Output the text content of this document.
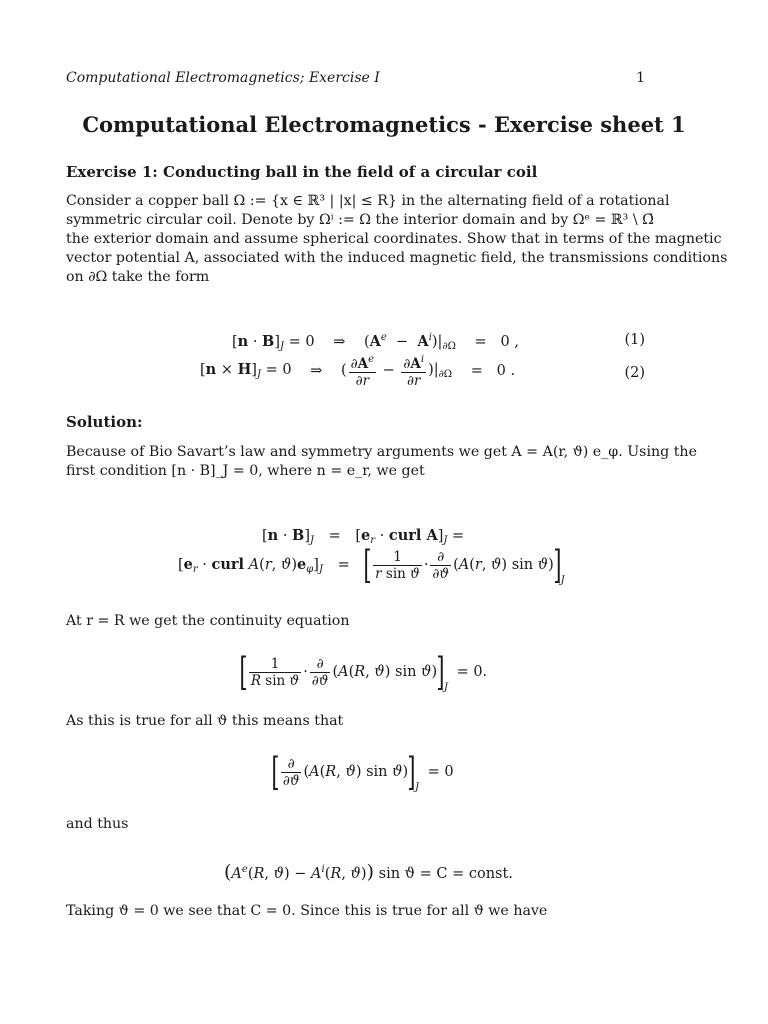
Computational Electromagnetics; Exercise I	1
Computational Electromagnetics - Exercise sheet 1
Exercise 1: Conducting ball in the field of a circular coil

Consider a copper ball Ω := {x ∈ ℝ³ | |x| ≤ R} in the alternating field of a rotational
symmetric circular coil. Denote by Ωⁱ := Ω the interior domain and by Ωᵉ = ℝ³ \ Ω̄
the exterior domain and assume spherical coordinates. Show that in terms of the magnetic
vector potential A, associated with the induced magnetic field, the transmissions conditions
on ∂Ω take the form

$[n \cdot B]_J = 0$ ⇒ $(A^e - A^i)|_{\partial\Omega} = 0$ ,	(1)
$[n \times H]_J = 0$ ⇒ ( $\frac{\partial A^e}{\partial r} - \frac{\partial A^i}{\partial r} )|_{\partial\Omega} = 0$ .	(2)
Solution:

Because of Bio Savart’s law and symmetry arguments we get A = A(r, ϑ) e_φ. Using the
first condition [n · B]_J = 0, where n = e_r, we get

$[n \cdot B]_J = [e_r$ · curl $A]_J$ =
[$e_r$ · curl A(r, $ϑ)e_\varphi]_J$ = [ $\frac{1}{\text{r sin ϑ}} \cdot \frac{\partial}{\partial ϑ} (A(r$, ϑ) $\sin ϑ)]_J$

At r = R we get the continuity equation

[ $\frac{1}{\text{R sin ϑ}} \cdot \frac{\partial}{\partial ϑ} (A(R$, ϑ) $\sin ϑ)]_J = 0$.

As this is true for all ϑ this means that

[ $\frac{\partial}{\partial ϑ} (A(R$, ϑ) $\sin ϑ)]_J = 0$

and thus

($A^e(R$, $ϑ) - A^i(R$, ϑ)) sin ϑ = C = const.

Taking ϑ = 0 we see that C = 0. Since this is true for all ϑ we have
